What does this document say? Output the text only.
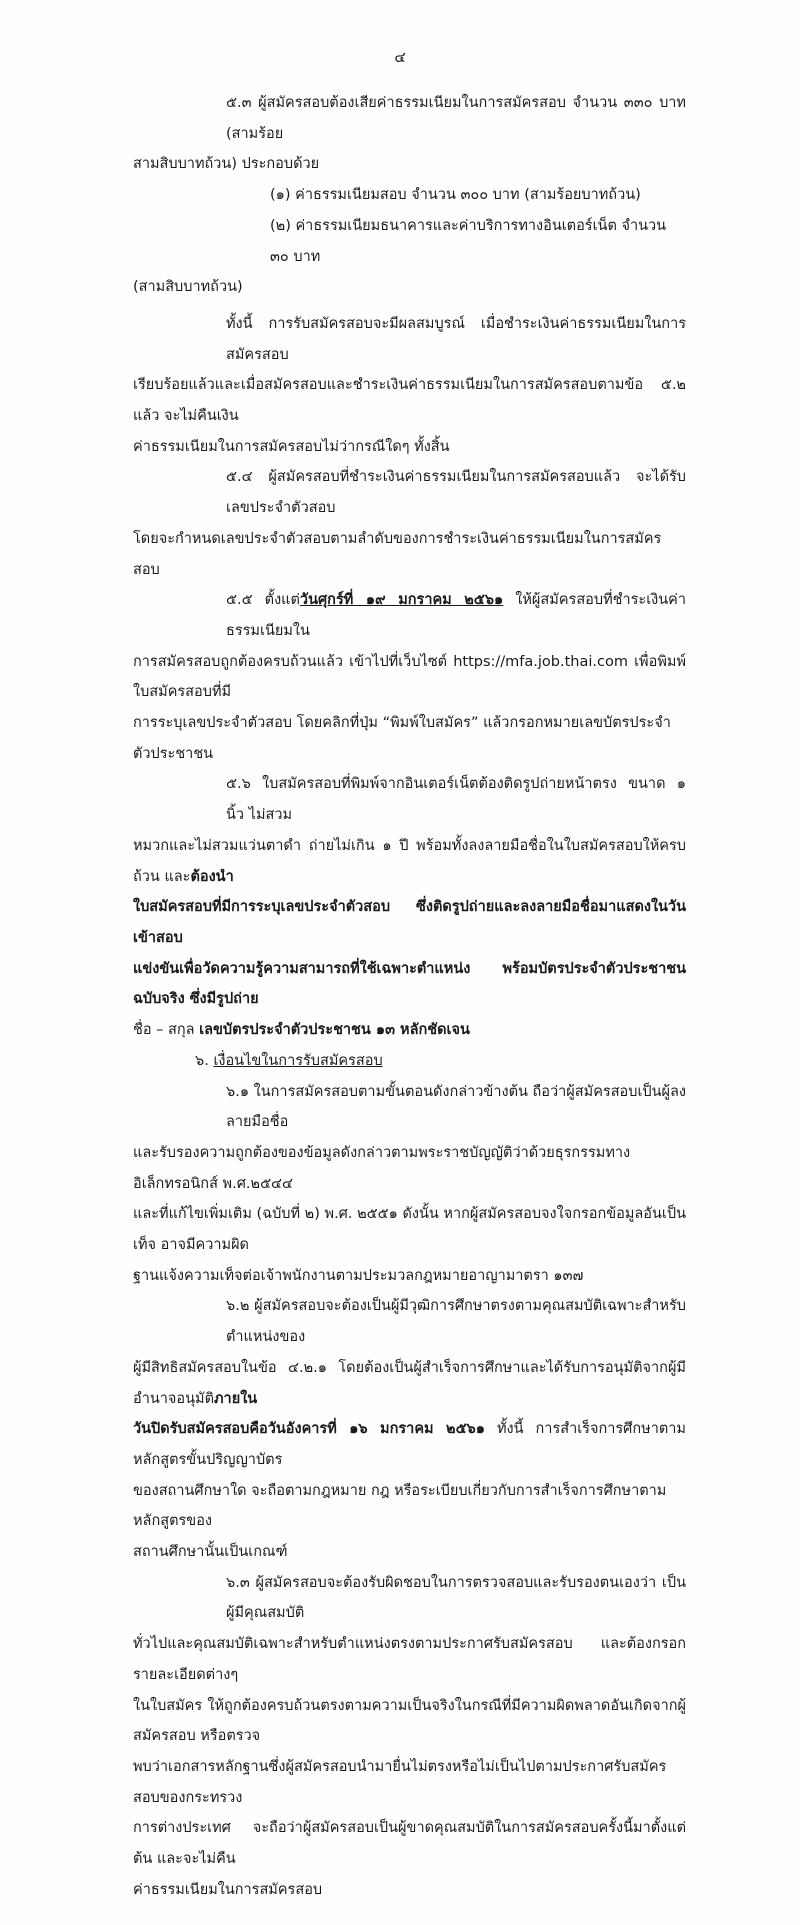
๔
๕.๓ ผู้สมัครสอบต้องเสียค่าธรรมเนียมในการสมัครสอบ จำนวน ๓๓๐ บาท (สามร้อย
สามสิบบาทถ้วน) ประกอบด้วย
(๑) ค่าธรรมเนียมสอบ จำนวน ๓๐๐ บาท (สามร้อยบาทถ้วน)
(๒) ค่าธรรมเนียมธนาคารและค่าบริการทางอินเตอร์เน็ต จำนวน ๓๐ บาท
(สามสิบบาทถ้วน)
ทั้งนี้ การรับสมัครสอบจะมีผลสมบูรณ์ เมื่อชำระเงินค่าธรรมเนียมในการสมัครสอบ
เรียบร้อยแล้วและเมื่อสมัครสอบและชำระเงินค่าธรรมเนียมในการสมัครสอบตามข้อ ๕.๒ แล้ว จะไม่คืนเงิน
ค่าธรรมเนียมในการสมัครสอบไม่ว่ากรณีใดๆ ทั้งสิ้น
๕.๔ ผู้สมัครสอบที่ชำระเงินค่าธรรมเนียมในการสมัครสอบแล้ว จะได้รับเลขประจำตัวสอบ
โดยจะกำหนดเลขประจำตัวสอบตามลำดับของการชำระเงินค่าธรรมเนียมในการสมัครสอบ
๕.๕ ตั้งแต่วันศุกร์ที่ ๑๙ มกราคม ๒๕๖๑ ให้ผู้สมัครสอบที่ชำระเงินค่าธรรมเนียมใน
การสมัครสอบถูกต้องครบถ้วนแล้ว เข้าไปที่เว็บไซต์ https://mfa.job.thai.com เพื่อพิมพ์ใบสมัครสอบที่มี
การระบุเลขประจำตัวสอบ โดยคลิกที่ปุ่ม “พิมพ์ใบสมัคร” แล้วกรอกหมายเลขบัตรประจำตัวประชาชน
๕.๖ ใบสมัครสอบที่พิมพ์จากอินเตอร์เน็ตต้องติดรูปถ่ายหน้าตรง ขนาด ๑ นิ้ว ไม่สวม
หมวกและไม่สวมแว่นตาดำ ถ่ายไม่เกิน ๑ ปี พร้อมทั้งลงลายมือชื่อในใบสมัครสอบให้ครบถ้วน และต้องนำ
ใบสมัครสอบที่มีการระบุเลขประจำตัวสอบ ซึ่งติดรูปถ่ายและลงลายมือชื่อมาแสดงในวันเข้าสอบ
แข่งขันเพื่อวัดความรู้ความสามารถที่ใช้เฉพาะตำแหน่ง พร้อมบัตรประจำตัวประชาชนฉบับจริง ซึ่งมีรูปถ่าย
ชื่อ – สกุล เลขบัตรประจำตัวประชาชน ๑๓ หลักชัดเจน
๖. เงื่อนไขในการรับสมัครสอบ
๖.๑ ในการสมัครสอบตามขั้นตอนดังกล่าวข้างต้น ถือว่าผู้สมัครสอบเป็นผู้ลงลายมือชื่อ
และรับรองความถูกต้องของข้อมูลดังกล่าวตามพระราชบัญญัติว่าด้วยธุรกรรมทางอิเล็กทรอนิกส์ พ.ศ.๒๕๔๔
และที่แก้ไขเพิ่มเติม (ฉบับที่ ๒) พ.ศ. ๒๕๕๑ ดังนั้น หากผู้สมัครสอบจงใจกรอกข้อมูลอันเป็นเท็จ อาจมีความผิด
ฐานแจ้งความเท็จต่อเจ้าพนักงานตามประมวลกฎหมายอาญามาตรา ๑๓๗
๖.๒ ผู้สมัครสอบจะต้องเป็นผู้มีวุฒิการศึกษาตรงตามคุณสมบัติเฉพาะสำหรับตำแหน่งของ
ผู้มีสิทธิสมัครสอบในข้อ ๔.๒.๑ โดยต้องเป็นผู้สำเร็จการศึกษาและได้รับการอนุมัติจากผู้มีอำนาจอนุมัติภายใน
วันปิดรับสมัครสอบคือวันอังคารที่ ๑๖ มกราคม ๒๕๖๑ ทั้งนี้ การสำเร็จการศึกษาตามหลักสูตรขั้นปริญญาบัตร
ของสถานศึกษาใด จะถือตามกฎหมาย กฎ หรือระเบียบเกี่ยวกับการสำเร็จการศึกษาตามหลักสูตรของ
สถานศึกษานั้นเป็นเกณฑ์
๖.๓ ผู้สมัครสอบจะต้องรับผิดชอบในการตรวจสอบและรับรองตนเองว่า เป็นผู้มีคุณสมบัติ
ทั่วไปและคุณสมบัติเฉพาะสำหรับตำแหน่งตรงตามประกาศรับสมัครสอบ และต้องกรอกรายละเอียดต่างๆ
ในใบสมัคร ให้ถูกต้องครบถ้วนตรงตามความเป็นจริงในกรณีที่มีความผิดพลาดอันเกิดจากผู้สมัครสอบ หรือตรวจ
พบว่าเอกสารหลักฐานซึ่งผู้สมัครสอบนำมายื่นไม่ตรงหรือไม่เป็นไปตามประกาศรับสมัครสอบของกระทรวง
การต่างประเทศ จะถือว่าผู้สมัครสอบเป็นผู้ขาดคุณสมบัติในการสมัครสอบครั้งนี้มาตั้งแต่ต้น และจะไม่คืน
ค่าธรรมเนียมในการสมัครสอบ
